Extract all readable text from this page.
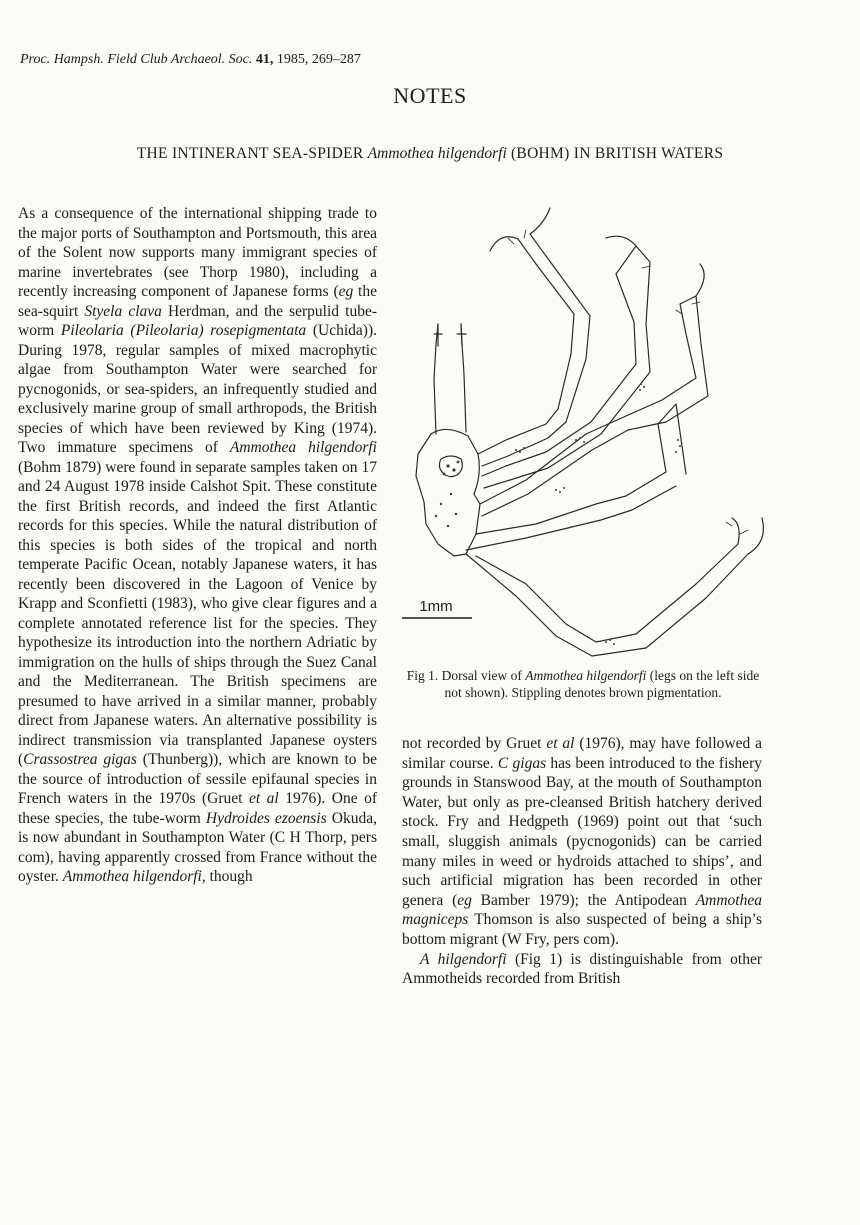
Proc. Hampsh. Field Club Archaeol. Soc. 41, 1985, 269–287
NOTES
THE INTINERANT SEA-SPIDER Ammothea hilgendorfi (BOHM) IN BRITISH WATERS

As a consequence of the international shipping trade to the major ports of Southampton and Portsmouth, this area of the Solent now supports many immigrant species of marine invertebrates (see Thorp 1980), including a recently increasing component of Japanese forms (eg the sea-squirt Styela clava Herdman, and the serpulid tube-worm Pileolaria (Pileolaria) rosepigmentata (Uchida)). During 1978, regular samples of mixed macrophytic algae from Southampton Water were searched for pycnogonids, or sea-spiders, an infrequently studied and exclusively marine group of small arthropods, the British species of which have been reviewed by King (1974). Two immature specimens of Ammothea hilgendorfi (Bohm 1879) were found in separate samples taken on 17 and 24 August 1978 inside Calshot Spit. These constitute the first British records, and indeed the first Atlantic records for this species. While the natural distribution of this species is both sides of the tropical and north temperate Pacific Ocean, notably Japanese waters, it has recently been discovered in the Lagoon of Venice by Krapp and Sconfietti (1983), who give clear figures and a complete annotated reference list for the species. They hypothesize its introduction into the northern Adriatic by immigration on the hulls of ships through the Suez Canal and the Mediterranean. The British specimens are presumed to have arrived in a similar manner, probably direct from Japanese waters. An alternative possibility is indirect transmission via transplanted Japanese oysters (Crassostrea gigas (Thunberg)), which are known to be the source of introduction of sessile epifaunal species in French waters in the 1970s (Gruet et al 1976). One of these species, the tube-worm Hydroides ezoensis Okuda, is now abundant in Southampton Water (C H Thorp, pers com), having apparently crossed from France without the oyster. Ammothea hilgendorfi, though

1mm
Fig 1. Dorsal view of Ammothea hilgendorfi (legs on the left side not shown). Stippling denotes brown pigmentation.

not recorded by Gruet et al (1976), may have followed a similar course. C gigas has been introduced to the fishery grounds in Stanswood Bay, at the mouth of Southampton Water, but only as pre-cleansed British hatchery derived stock. Fry and Hedgpeth (1969) point out that ‘such small, sluggish animals (pycnogonids) can be carried many miles in weed or hydroids attached to ships’, and such artificial migration has been recorded in other genera (eg Bamber 1979); the Antipodean Ammothea magniceps Thomson is also suspected of being a ship’s bottom migrant (W Fry, pers com).

A hilgendorfi (Fig 1) is distinguishable from other Ammotheids recorded from British
